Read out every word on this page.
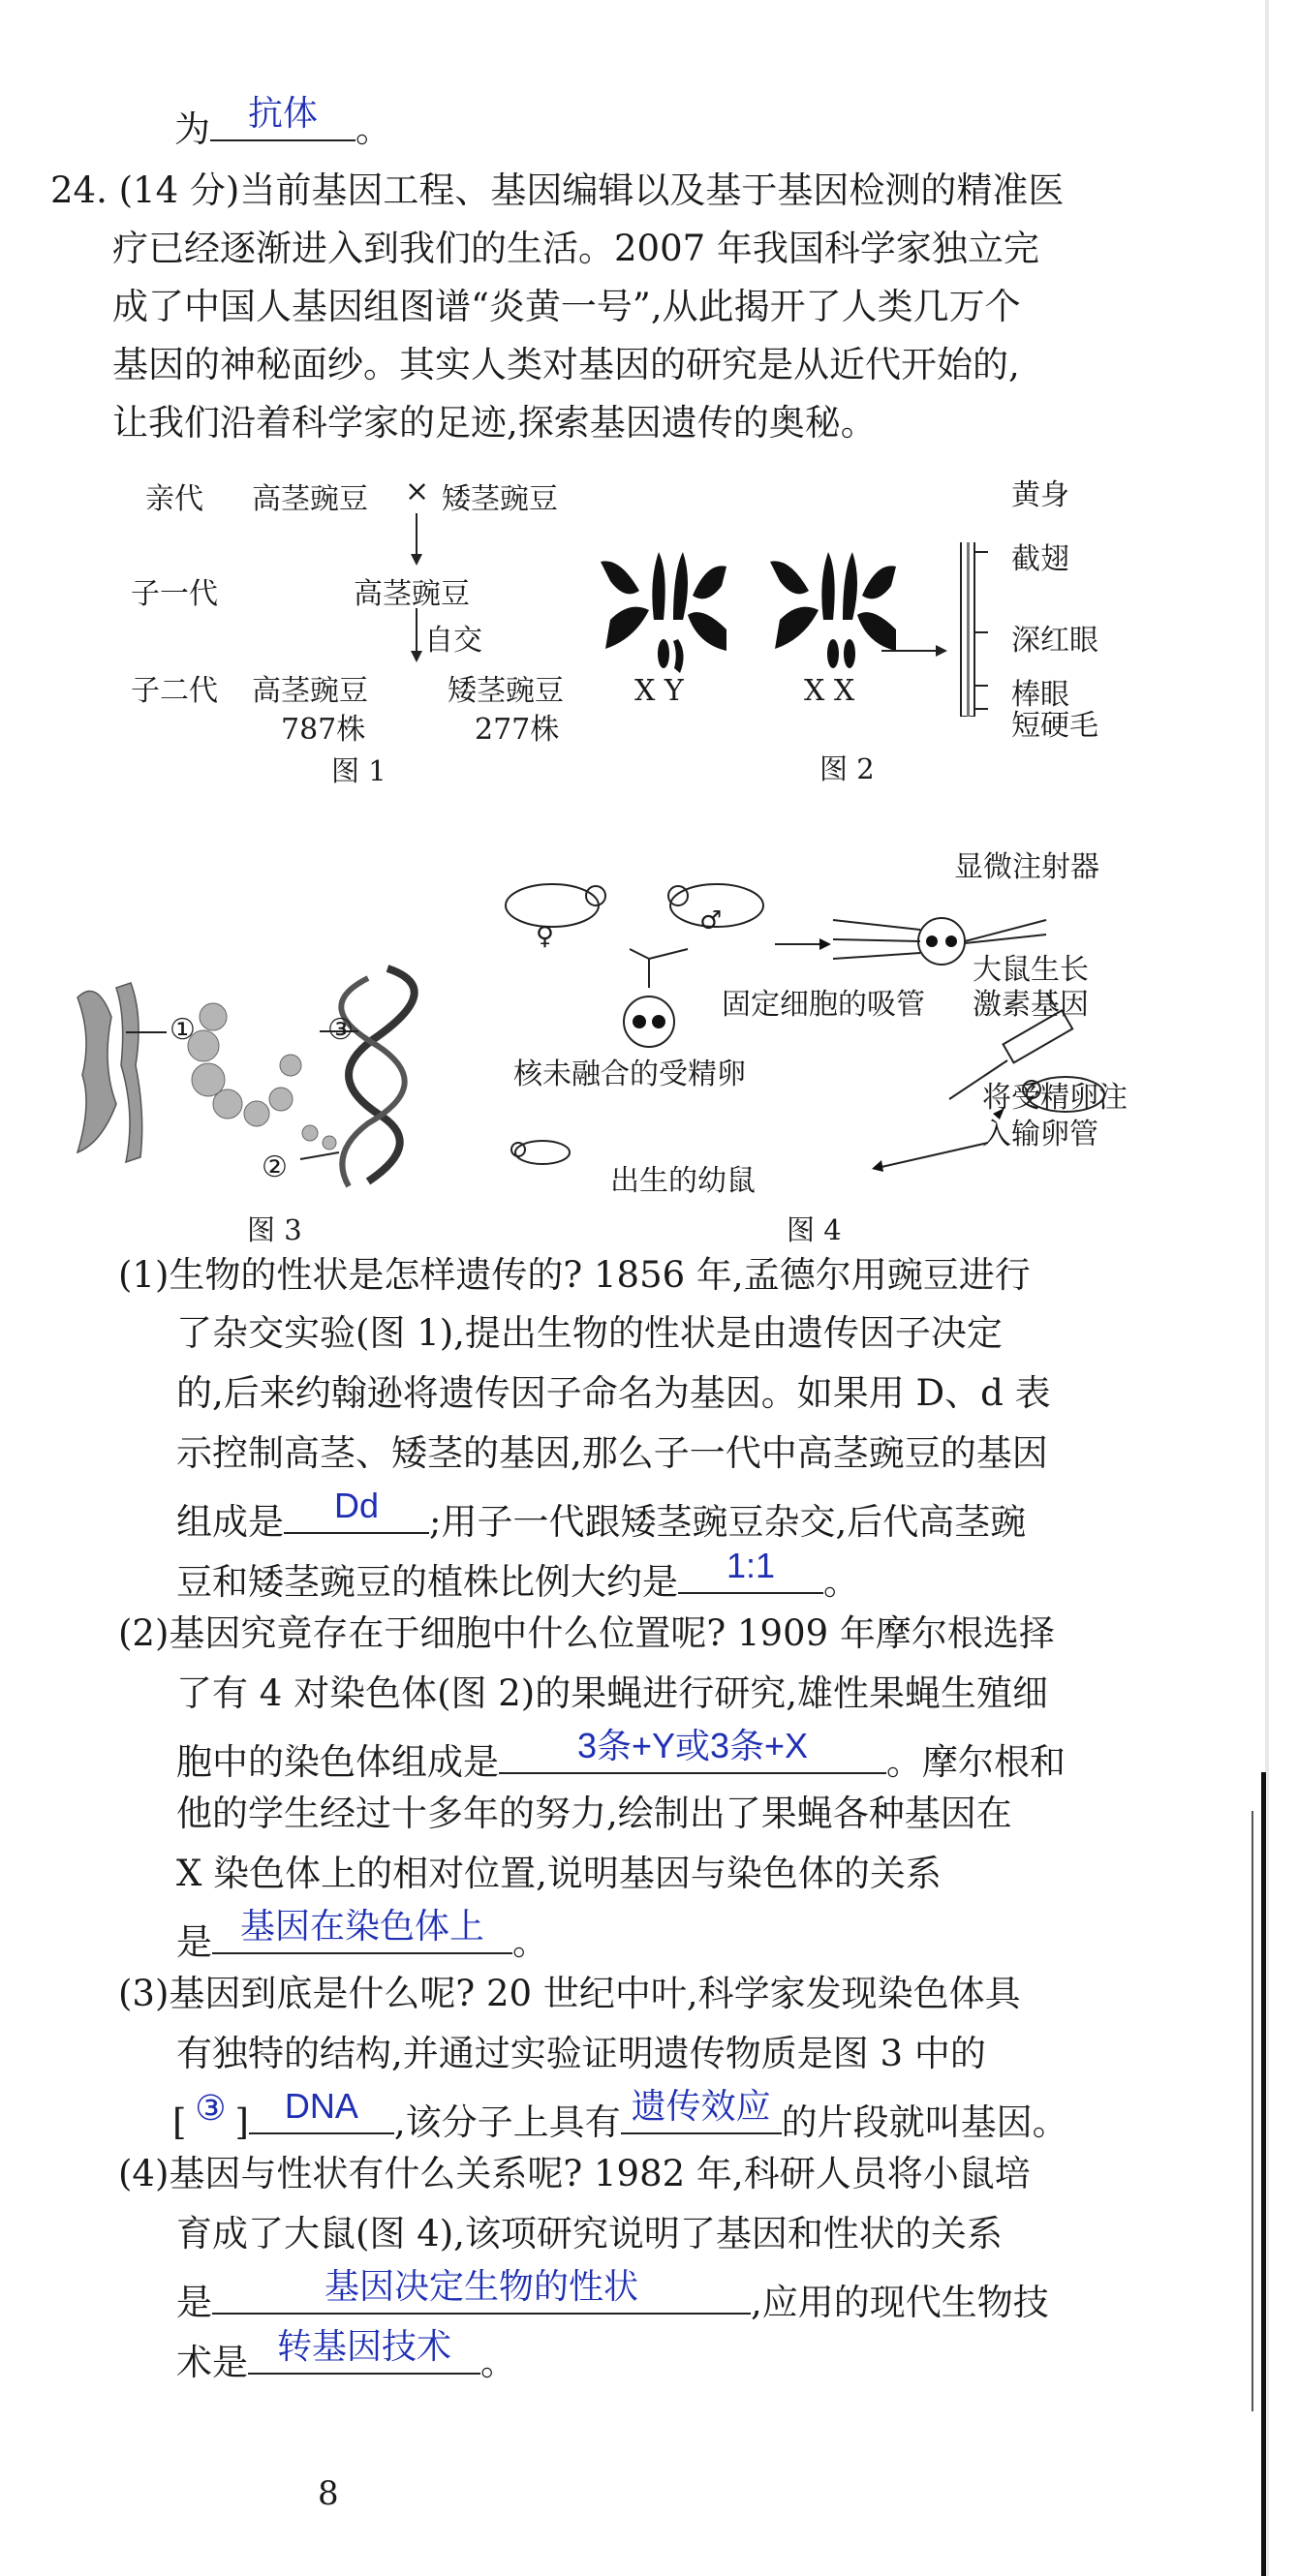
为	抗体	。
24. (14 分)当前基因工程、基因编辑以及基于基因检测的精准医
疗已经逐渐进入到我们的生活。2007 年我国科学家独立完
成了中国人基因组图谱“炎黄一号”,从此揭开了人类几万个
基因的神秘面纱。其实人类对基因的研究是从近代开始的,
让我们沿着科学家的足迹,探索基因遗传的奥秘。
亲代 高茎豌豆 × 矮茎豌豆
子一代	高茎豌豆
自交
子二代 高茎豌豆
787株
矮茎豌豆
277株
图 1
X Y	X X
黄身
截翅
深红眼
棒眼
短硬毛
图 2
①
②
③
图 3
显微注射器
♀
♂
固定细胞的吸管
大鼠生长
激素基因
核未融合的受精卵
将受精卵注
入输卵管
出生的幼鼠
图 4
(1)生物的性状是怎样遗传的? 1856 年,孟德尔用豌豆进行
了杂交实验(图 1),提出生物的性状是由遗传因子决定
的,后来约翰逊将遗传因子命名为基因。如果用 D、d 表
示控制高茎、矮茎的基因,那么子一代中高茎豌豆的基因
组成是	Dd	;用子一代跟矮茎豌豆杂交,后代高茎豌
豆和矮茎豌豆的植株比例大约是	1:1	。
(2)基因究竟存在于细胞中什么位置呢? 1909 年摩尔根选择
了有 4 对染色体(图 2)的果蝇进行研究,雄性果蝇生殖细
胞中的染色体组成是	3条+Y或3条+X	。摩尔根和
他的学生经过十多年的努力,绘制出了果蝇各种基因在
X 染色体上的相对位置,说明基因与染色体的关系
是 基因在染色体上 。
(3)基因到底是什么呢? 20 世纪中叶,科学家发现染色体具
有独特的结构,并通过实验证明遗传物质是图 3 中的
[ ③ ]	DNA	,该分子上具有 遗传效应 的片段就叫基因。
(4)基因与性状有什么关系呢? 1982 年,科研人员将小鼠培
育成了大鼠(图 4),该项研究说明了基因和性状的关系
是	基因决定生物的性状	,应用的现代生物技
术是 转基因技术 。
8
